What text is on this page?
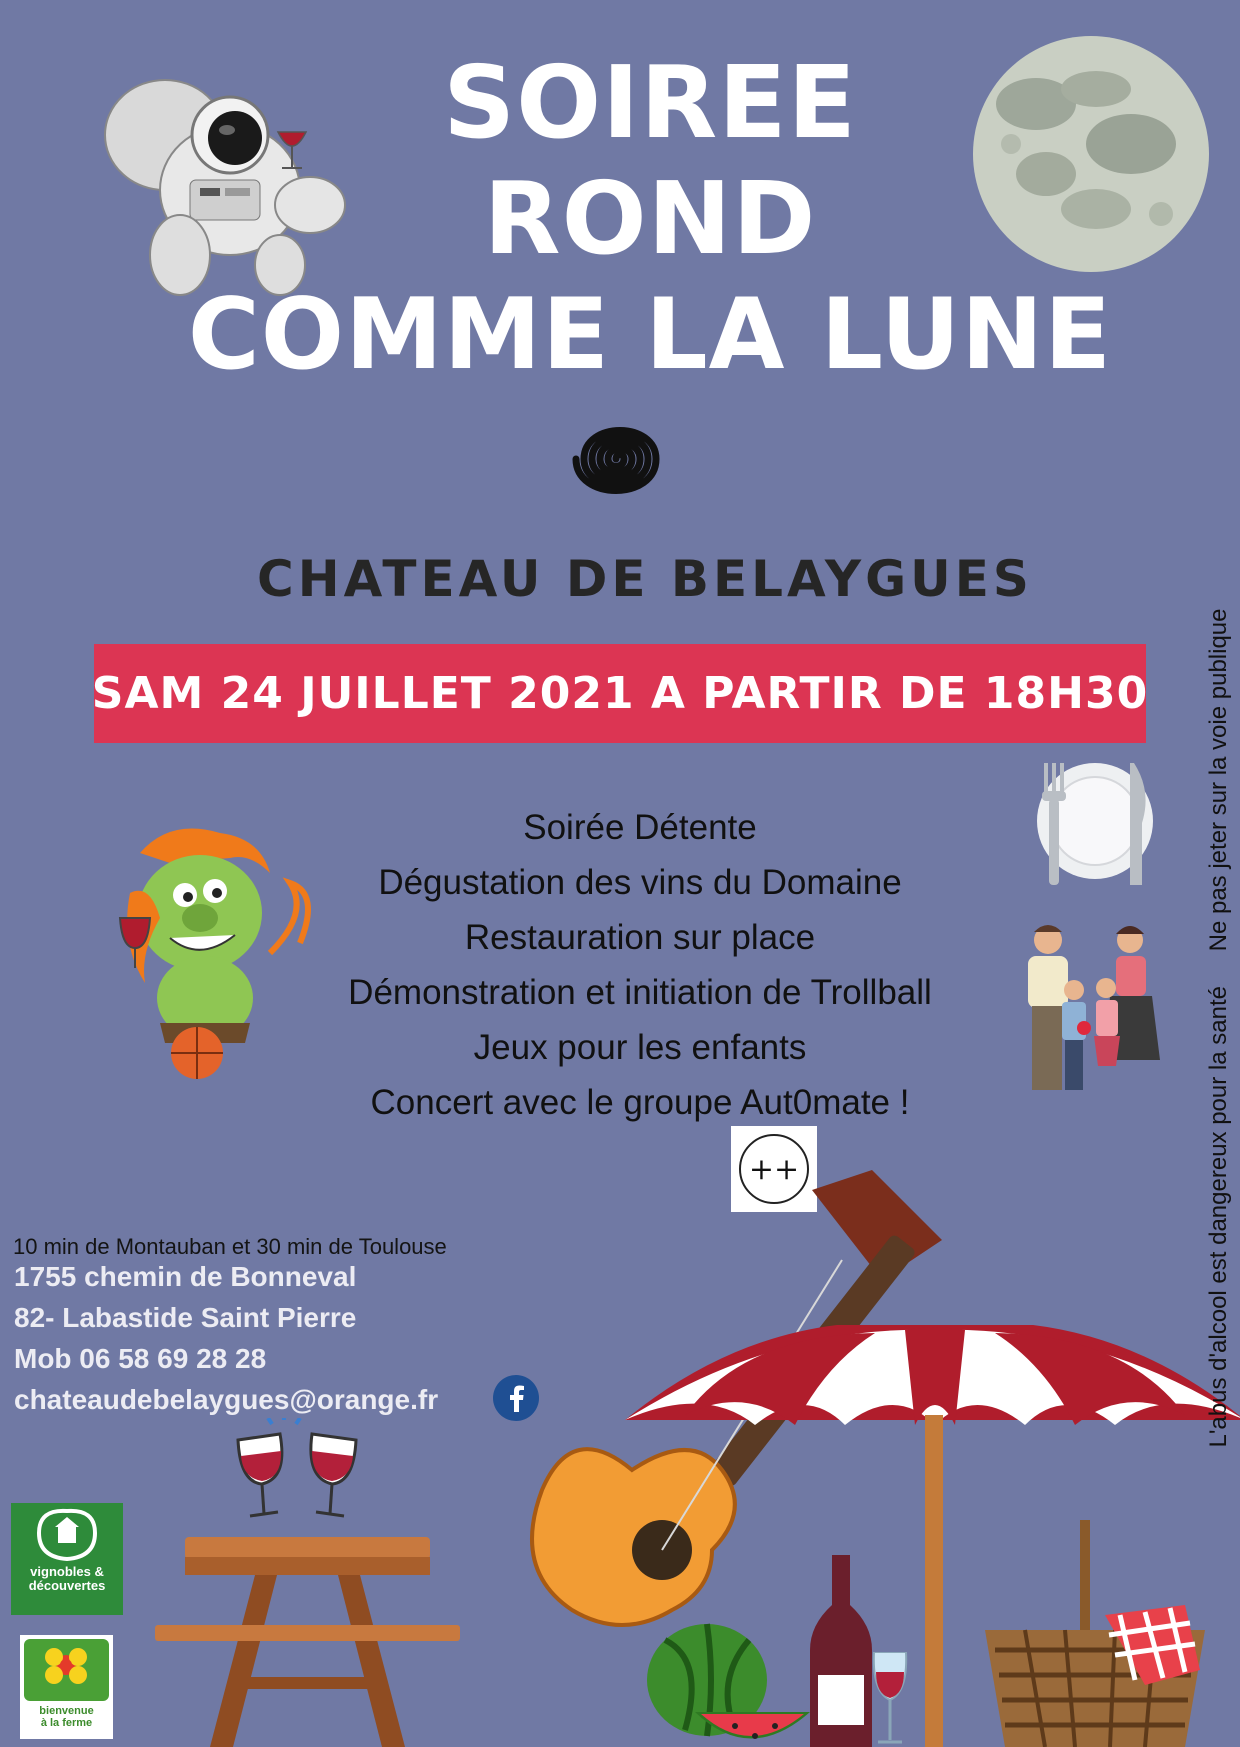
SOIREE
ROND
COMME LA LUNE
CHATEAU DE BELAYGUES
SAM 24 JUILLET 2021 A PARTIR DE 18H30
Soirée Détente
Dégustation des vins du Domaine
Restauration sur place
Démonstration et initiation de Trollball
Jeux pour les enfants
Concert avec le groupe Aut0mate !
++
10 min de Montauban et 30 min de Toulouse
1755 chemin de Bonneval
82- Labastide Saint Pierre
Mob 06 58 69 28 28
chateaudebelaygues@orange.fr
vignobles & découvertes
bienvenue
à la ferme
L'abus d'alcool est dangereux pour la santé Ne pas jeter sur la voie publique
